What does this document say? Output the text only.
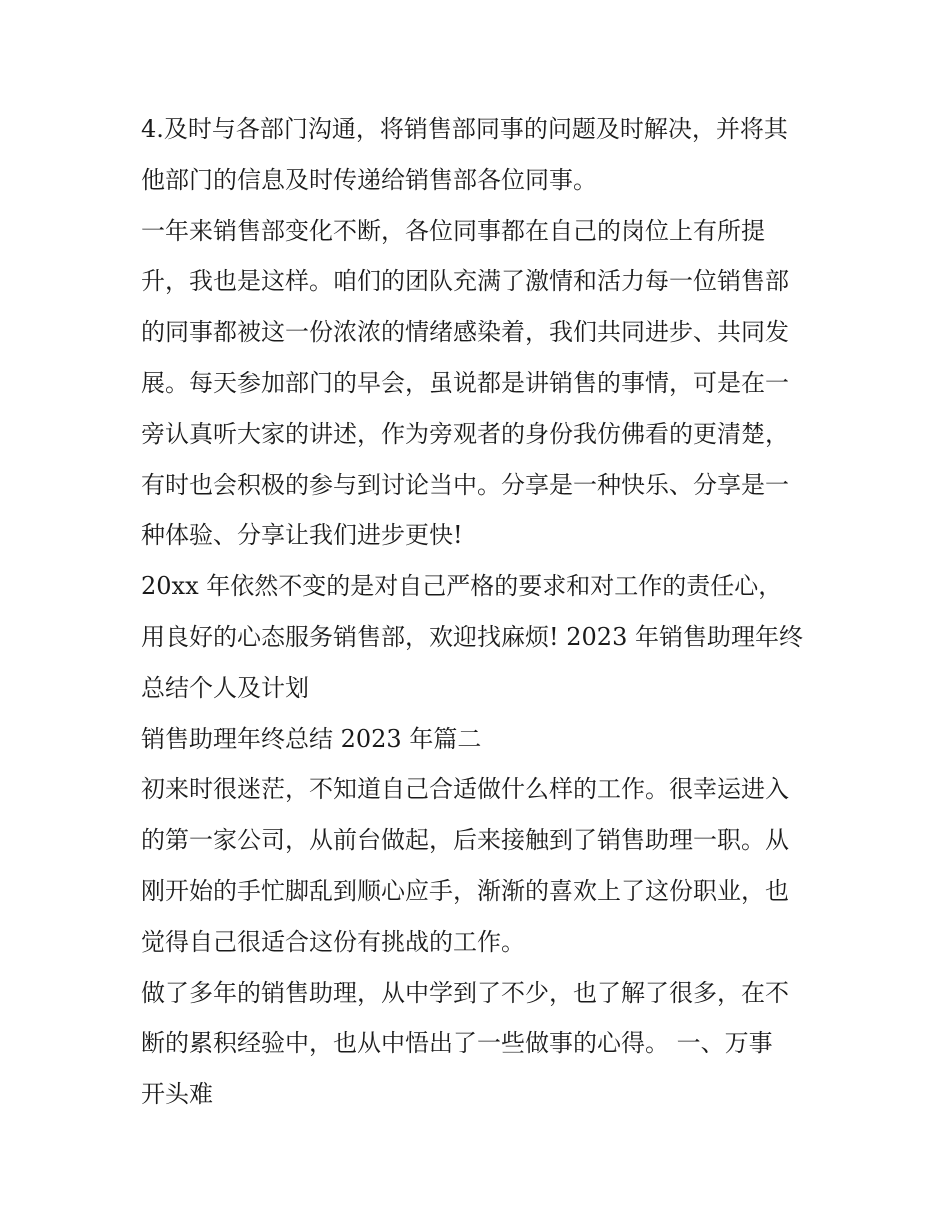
4.及时与各部门沟通，将销售部同事的问题及时解决，并将其
他部门的信息及时传递给销售部各位同事。
一年来销售部变化不断，各位同事都在自己的岗位上有所提
升，我也是这样。咱们的团队充满了激情和活力每一位销售部
的同事都被这一份浓浓的情绪感染着，我们共同进步、共同发
展。每天参加部门的早会，虽说都是讲销售的事情，可是在一
旁认真听大家的讲述，作为旁观者的身份我仿佛看的更清楚，
有时也会积极的参与到讨论当中。分享是一种快乐、分享是一
种体验、分享让我们进步更快!
20xx 年依然不变的是对自己严格的要求和对工作的责任心，
用良好的心态服务销售部，欢迎找麻烦! 2023 年销售助理年终
总结个人及计划
销售助理年终总结 2023 年篇二
初来时很迷茫，不知道自己合适做什么样的工作。很幸运进入
的第一家公司，从前台做起，后来接触到了销售助理一职。从
刚开始的手忙脚乱到顺心应手，渐渐的喜欢上了这份职业，也
觉得自己很适合这份有挑战的工作。
做了多年的销售助理，从中学到了不少，也了解了很多，在不
断的累积经验中，也从中悟出了一些做事的心得。 一、万事
开头难
